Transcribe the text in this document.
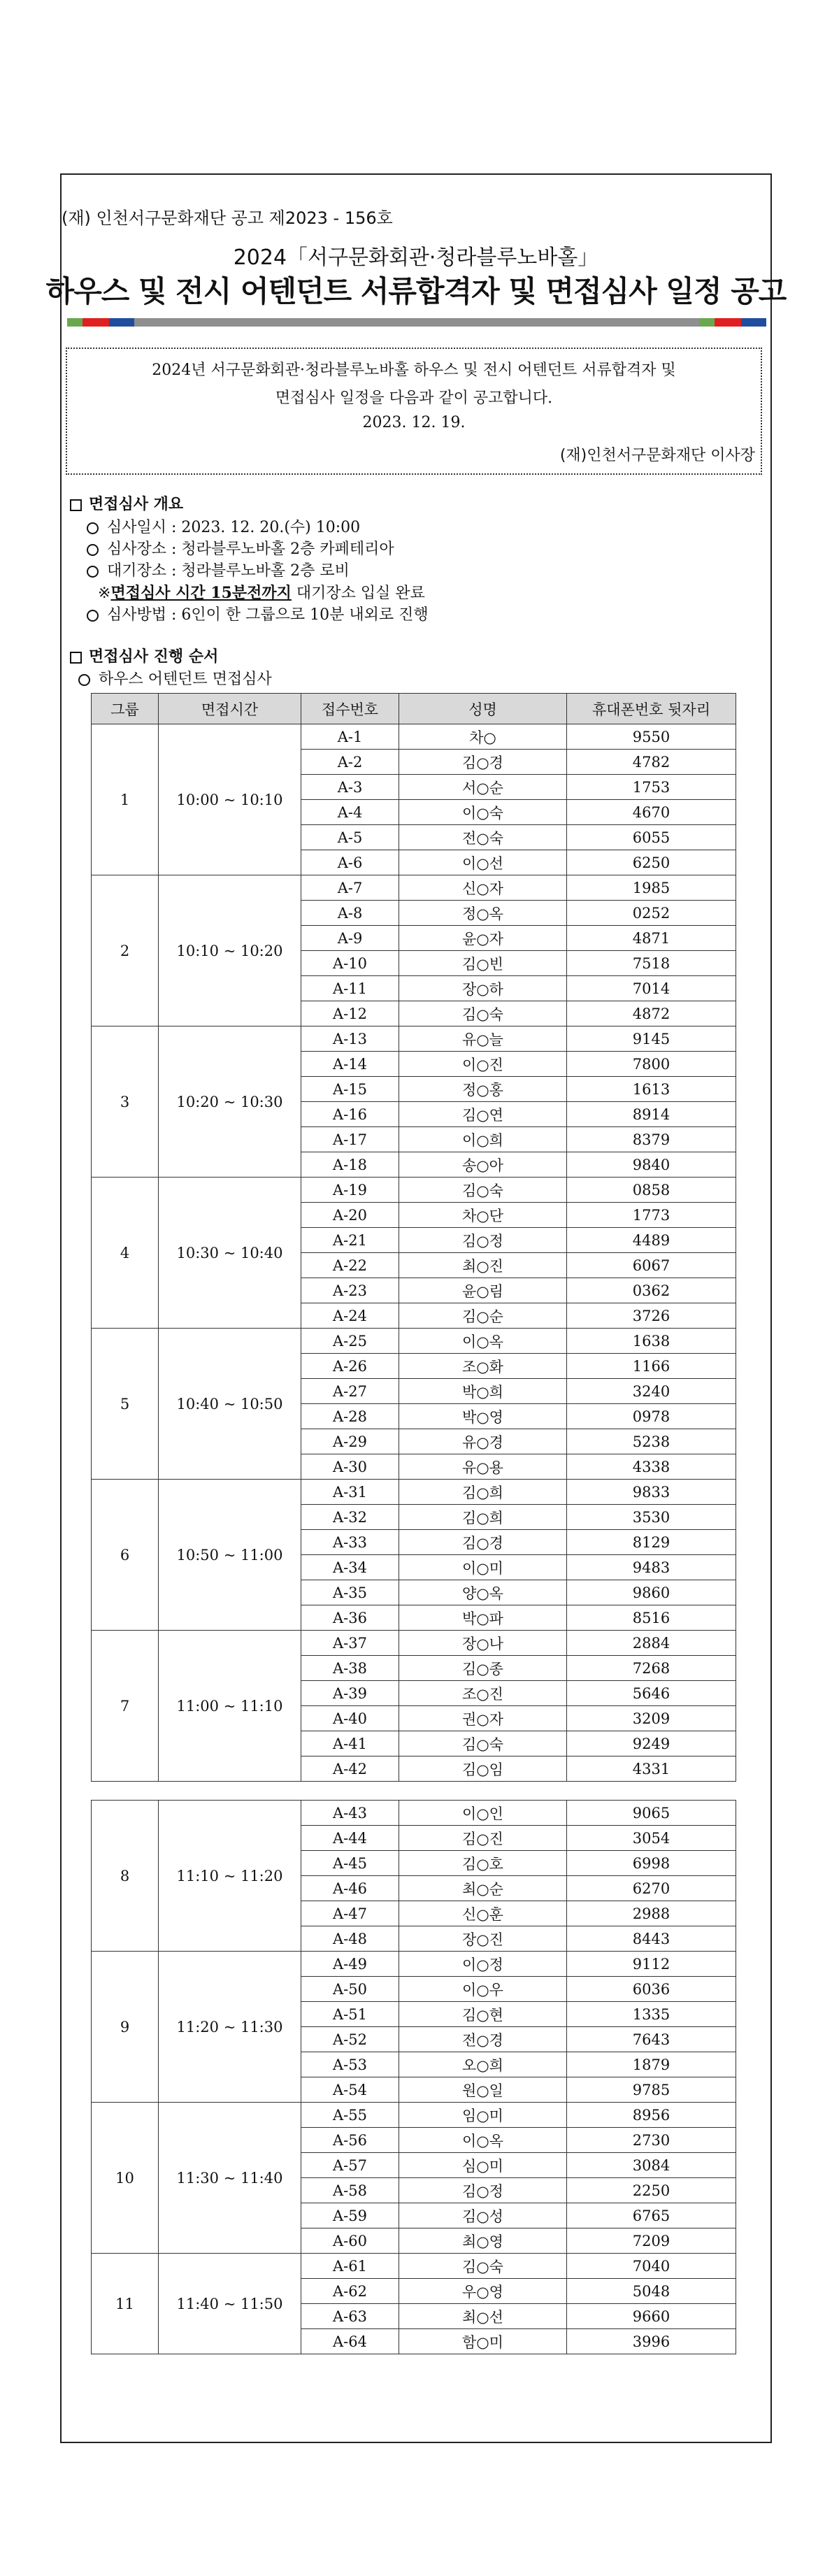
(재) 인천서구문화재단 공고 제2023 - 156호
2024「서구문화회관·청라블루노바홀」
하우스 및 전시 어텐던트 서류합격자 및 면접심사 일정 공고
2024년 서구문화회관·청라블루노바홀 하우스 및 전시 어텐던트 서류합격자 및
면접심사 일정을 다음과 같이 공고합니다.
2023. 12. 19.
(재)인천서구문화재단 이사장
면접심사 개요
심사일시 : 2023. 12. 20.(수) 10:00
심사장소 : 청라블루노바홀 2층 카페테리아
대기장소 : 청라블루노바홀 2층 로비
※면접심사 시간 15분전까지 대기장소 입실 완료
심사방법 : 6인이 한 그룹으로 10분 내외로 진행
면접심사 진행 순서
하우스 어텐던트 면접심사
그룹	면접시간	접수번호	성명	휴대폰번호 뒷자리
1	10:00 ~ 10:10	A-1	차○	9550
		A-2	김○경	4782
		A-3	서○순	1753
		A-4	이○숙	4670
		A-5	전○숙	6055
		A-6	이○선	6250
2	10:10 ~ 10:20	A-7	신○자	1985
		A-8	정○옥	0252
		A-9	윤○자	4871
		A-10	김○빈	7518
		A-11	장○하	7014
		A-12	김○숙	4872
3	10:20 ~ 10:30	A-13	유○늘	9145
		A-14	이○진	7800
		A-15	정○홍	1613
		A-16	김○연	8914
		A-17	이○희	8379
		A-18	송○아	9840
4	10:30 ~ 10:40	A-19	김○숙	0858
		A-20	차○단	1773
		A-21	김○정	4489
		A-22	최○진	6067
		A-23	윤○림	0362
		A-24	김○순	3726
5	10:40 ~ 10:50	A-25	이○옥	1638
		A-26	조○화	1166
		A-27	박○희	3240
		A-28	박○영	0978
		A-29	유○경	5238
		A-30	유○용	4338
6	10:50 ~ 11:00	A-31	김○희	9833
		A-32	김○희	3530
		A-33	김○경	8129
		A-34	이○미	9483
		A-35	양○옥	9860
		A-36	박○파	8516
7	11:00 ~ 11:10	A-37	장○나	2884
		A-38	김○종	7268
		A-39	조○진	5646
		A-40	권○자	3209
		A-41	김○숙	9249
		A-42	김○임	4331
8	11:10 ~ 11:20	A-43	이○인	9065
		A-44	김○진	3054
		A-45	김○호	6998
		A-46	최○순	6270
		A-47	신○훈	2988
		A-48	장○진	8443
9	11:20 ~ 11:30	A-49	이○정	9112
		A-50	이○우	6036
		A-51	김○현	1335
		A-52	전○경	7643
		A-53	오○희	1879
		A-54	원○일	9785
10	11:30 ~ 11:40	A-55	임○미	8956
		A-56	이○옥	2730
		A-57	심○미	3084
		A-58	김○정	2250
		A-59	김○성	6765
		A-60	최○영	7209
11	11:40 ~ 11:50	A-61	김○숙	7040
		A-62	우○영	5048
		A-63	최○선	9660
		A-64	함○미	3996
